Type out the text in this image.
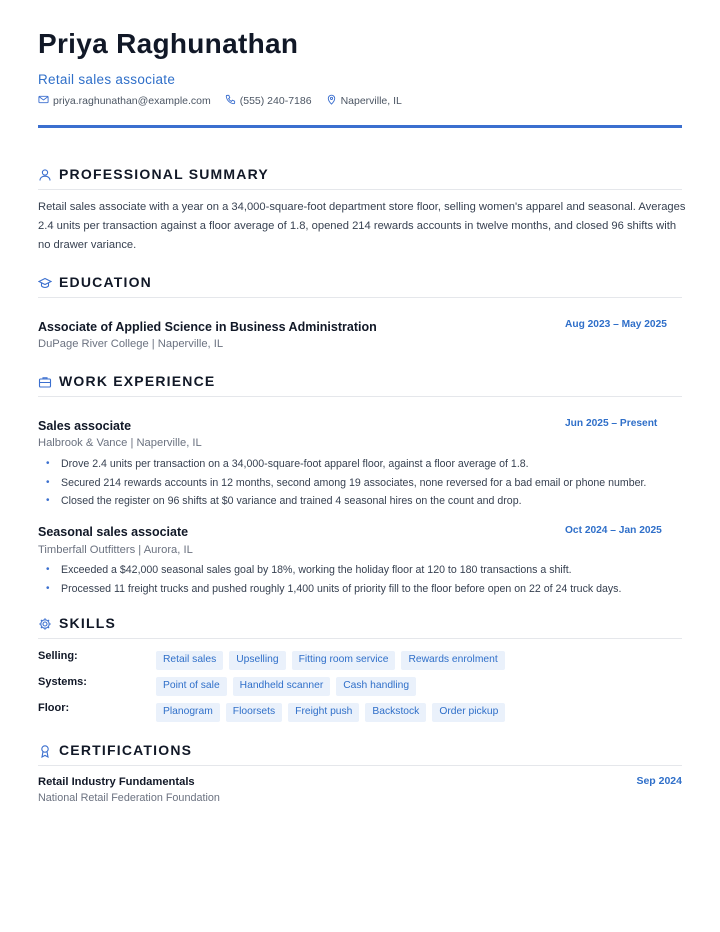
Priya Raghunathan
Retail sales associate
priya.raghunathan@example.com	(555) 240-7186	Naperville, IL
PROFESSIONAL SUMMARY
Retail sales associate with a year on a 34,000-square-foot department store floor, selling women's apparel and seasonal. Averages 2.4 units per transaction against a floor average of 1.8, opened 214 rewards accounts in twelve months, and closed 96 shifts with no drawer variance.
EDUCATION
Associate of Applied Science in Business Administration	Aug 2023 – May 2025
DuPage River College | Naperville, IL
WORK EXPERIENCE
Sales associate	Jun 2025 – Present
Halbrook & Vance | Naperville, IL
• Drove 2.4 units per transaction on a 34,000-square-foot apparel floor, against a floor average of 1.8.
• Secured 214 rewards accounts in 12 months, second among 19 associates, none reversed for a bad email or phone number.
• Closed the register on 96 shifts at $0 variance and trained 4 seasonal hires on the count and drop.
Seasonal sales associate	Oct 2024 – Jan 2025
Timberfall Outfitters | Aurora, IL
• Exceeded a $42,000 seasonal sales goal by 18%, working the holiday floor at 120 to 180 transactions a shift.
• Processed 11 freight trucks and pushed roughly 1,400 units of priority fill to the floor before open on 22 of 24 truck days.
SKILLS
Selling:	Retail sales	Upselling	Fitting room service	Rewards enrolment
Systems:	Point of sale	Handheld scanner	Cash handling
Floor:	Planogram	Floorsets	Freight push	Backstock	Order pickup
CERTIFICATIONS
Retail Industry Fundamentals	Sep 2024
National Retail Federation Foundation
